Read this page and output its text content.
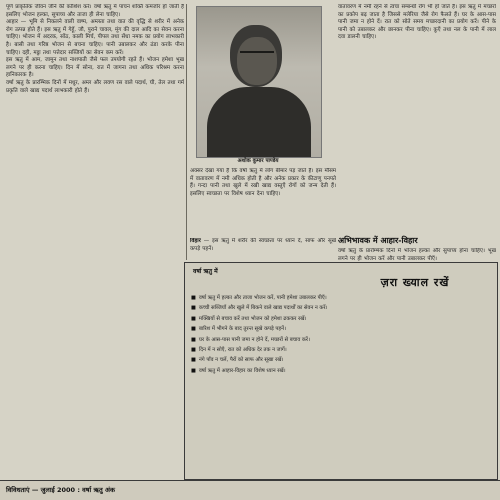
पूर्ण प्राकृतिक जीवन जीने की कोशिश करें। वर्षा ऋतु में पाचन शक्ति कमजोर हो जाती है इसलिए भोजन हल्का, सुपाच्य और ताजा ही लेना चाहिए।

आहार — भूमि से निकलने वाली वाष्प, अम्लता तथा वात की वृद्धि से शरीर में अनेक रोग उत्पन्न होते हैं। इस ऋतु में गेहूँ, जौ, पुराने चावल, मूंग की दाल आदि का सेवन करना चाहिए। भोजन में अदरक, सोंठ, काली मिर्च, पीपल तथा सेंधा नमक का प्रयोग लाभकारी है। बासी तथा गरिष्ठ भोजन से बचना चाहिए। पानी उबालकर और ठंडा करके पीना चाहिए। दही, मट्ठा तथा पत्तेदार सब्जियों का सेवन कम करें।

इस ऋतु में आम, जामुन तथा नाशपाती जैसे फल उपयोगी रहते हैं। भोजन हमेशा भूख लगने पर ही करना चाहिए। दिन में सोना, रात में जागना तथा अधिक परिश्रम करना हानिकारक है।

वर्षा ऋतु के प्रारम्भिक दिनों में मधुर, अम्ल और लवण रस वाले पदार्थ, घी, तेल तथा गर्म प्रकृति वाले खाद्य पदार्थ लाभकारी होते हैं।

अशोक कुमार पाण्डेय

अक्सर देखा गया है कि वर्षा ऋतु में लोग बीमार पड़ जाते हैं। इस मौसम में वातावरण में नमी अधिक होती है और अनेक प्रकार के कीटाणु पनपते हैं। गन्दा पानी तथा खुले में रखी खाद्य वस्तुएँ रोगों को जन्म देती हैं। इसलिए स्वच्छता पर विशेष ध्यान देना चाहिए।

विहार — इस ऋतु में शरीर की स्वच्छता पर ध्यान दें, साफ और सूखे कपड़े पहनें।

वातावरण में नमी रहने से त्वचा सम्बन्धी रोग भी हो जाते हैं। इस ऋतु में मच्छरों का प्रकोप बढ़ जाता है जिससे मलेरिया जैसे रोग फैलते हैं। घर के आस-पास पानी जमा न होने दें। रात को सोते समय मच्छरदानी का प्रयोग करें। पीने के पानी को उबालकर और छानकर पीना चाहिए। कुएँ तथा नल के पानी में लाल दवा डालनी चाहिए।

अभिभावक में आहार-विहार

वर्षा ऋतु के प्रारम्भिक दिनों में भोजन हल्का और सुपाच्य होना चाहिए। भूख लगने पर ही भोजन करें और पानी उबालकर पीएँ।

वर्षा ऋतु में
ज़रा ख्याल रखें

■ वर्षा ऋतु में हल्का और ताजा भोजन करें, पानी हमेशा उबालकर पीएँ।

■ कच्ची सब्जियाँ और खुले में बिकने वाले खाद्य पदार्थों का सेवन न करें।

■ मक्खियों से बचाव करें तथा भोजन को हमेशा ढककर रखें।

■ बारिश में भीगने के बाद तुरन्त सूखे कपड़े पहनें।

■ घर के आस-पास पानी जमा न होने दें, मच्छरों से बचाव करें।

■ दिन में न सोएँ, रात को अधिक देर तक न जागें।

■ नंगे पाँव न चलें, पैरों को साफ और सूखा रखें।

■ वर्षा ऋतु में आहार-विहार का विशेष ध्यान रखें।

विविधताएं — जुलाई 2000 : वर्षा ऋतु अंक
